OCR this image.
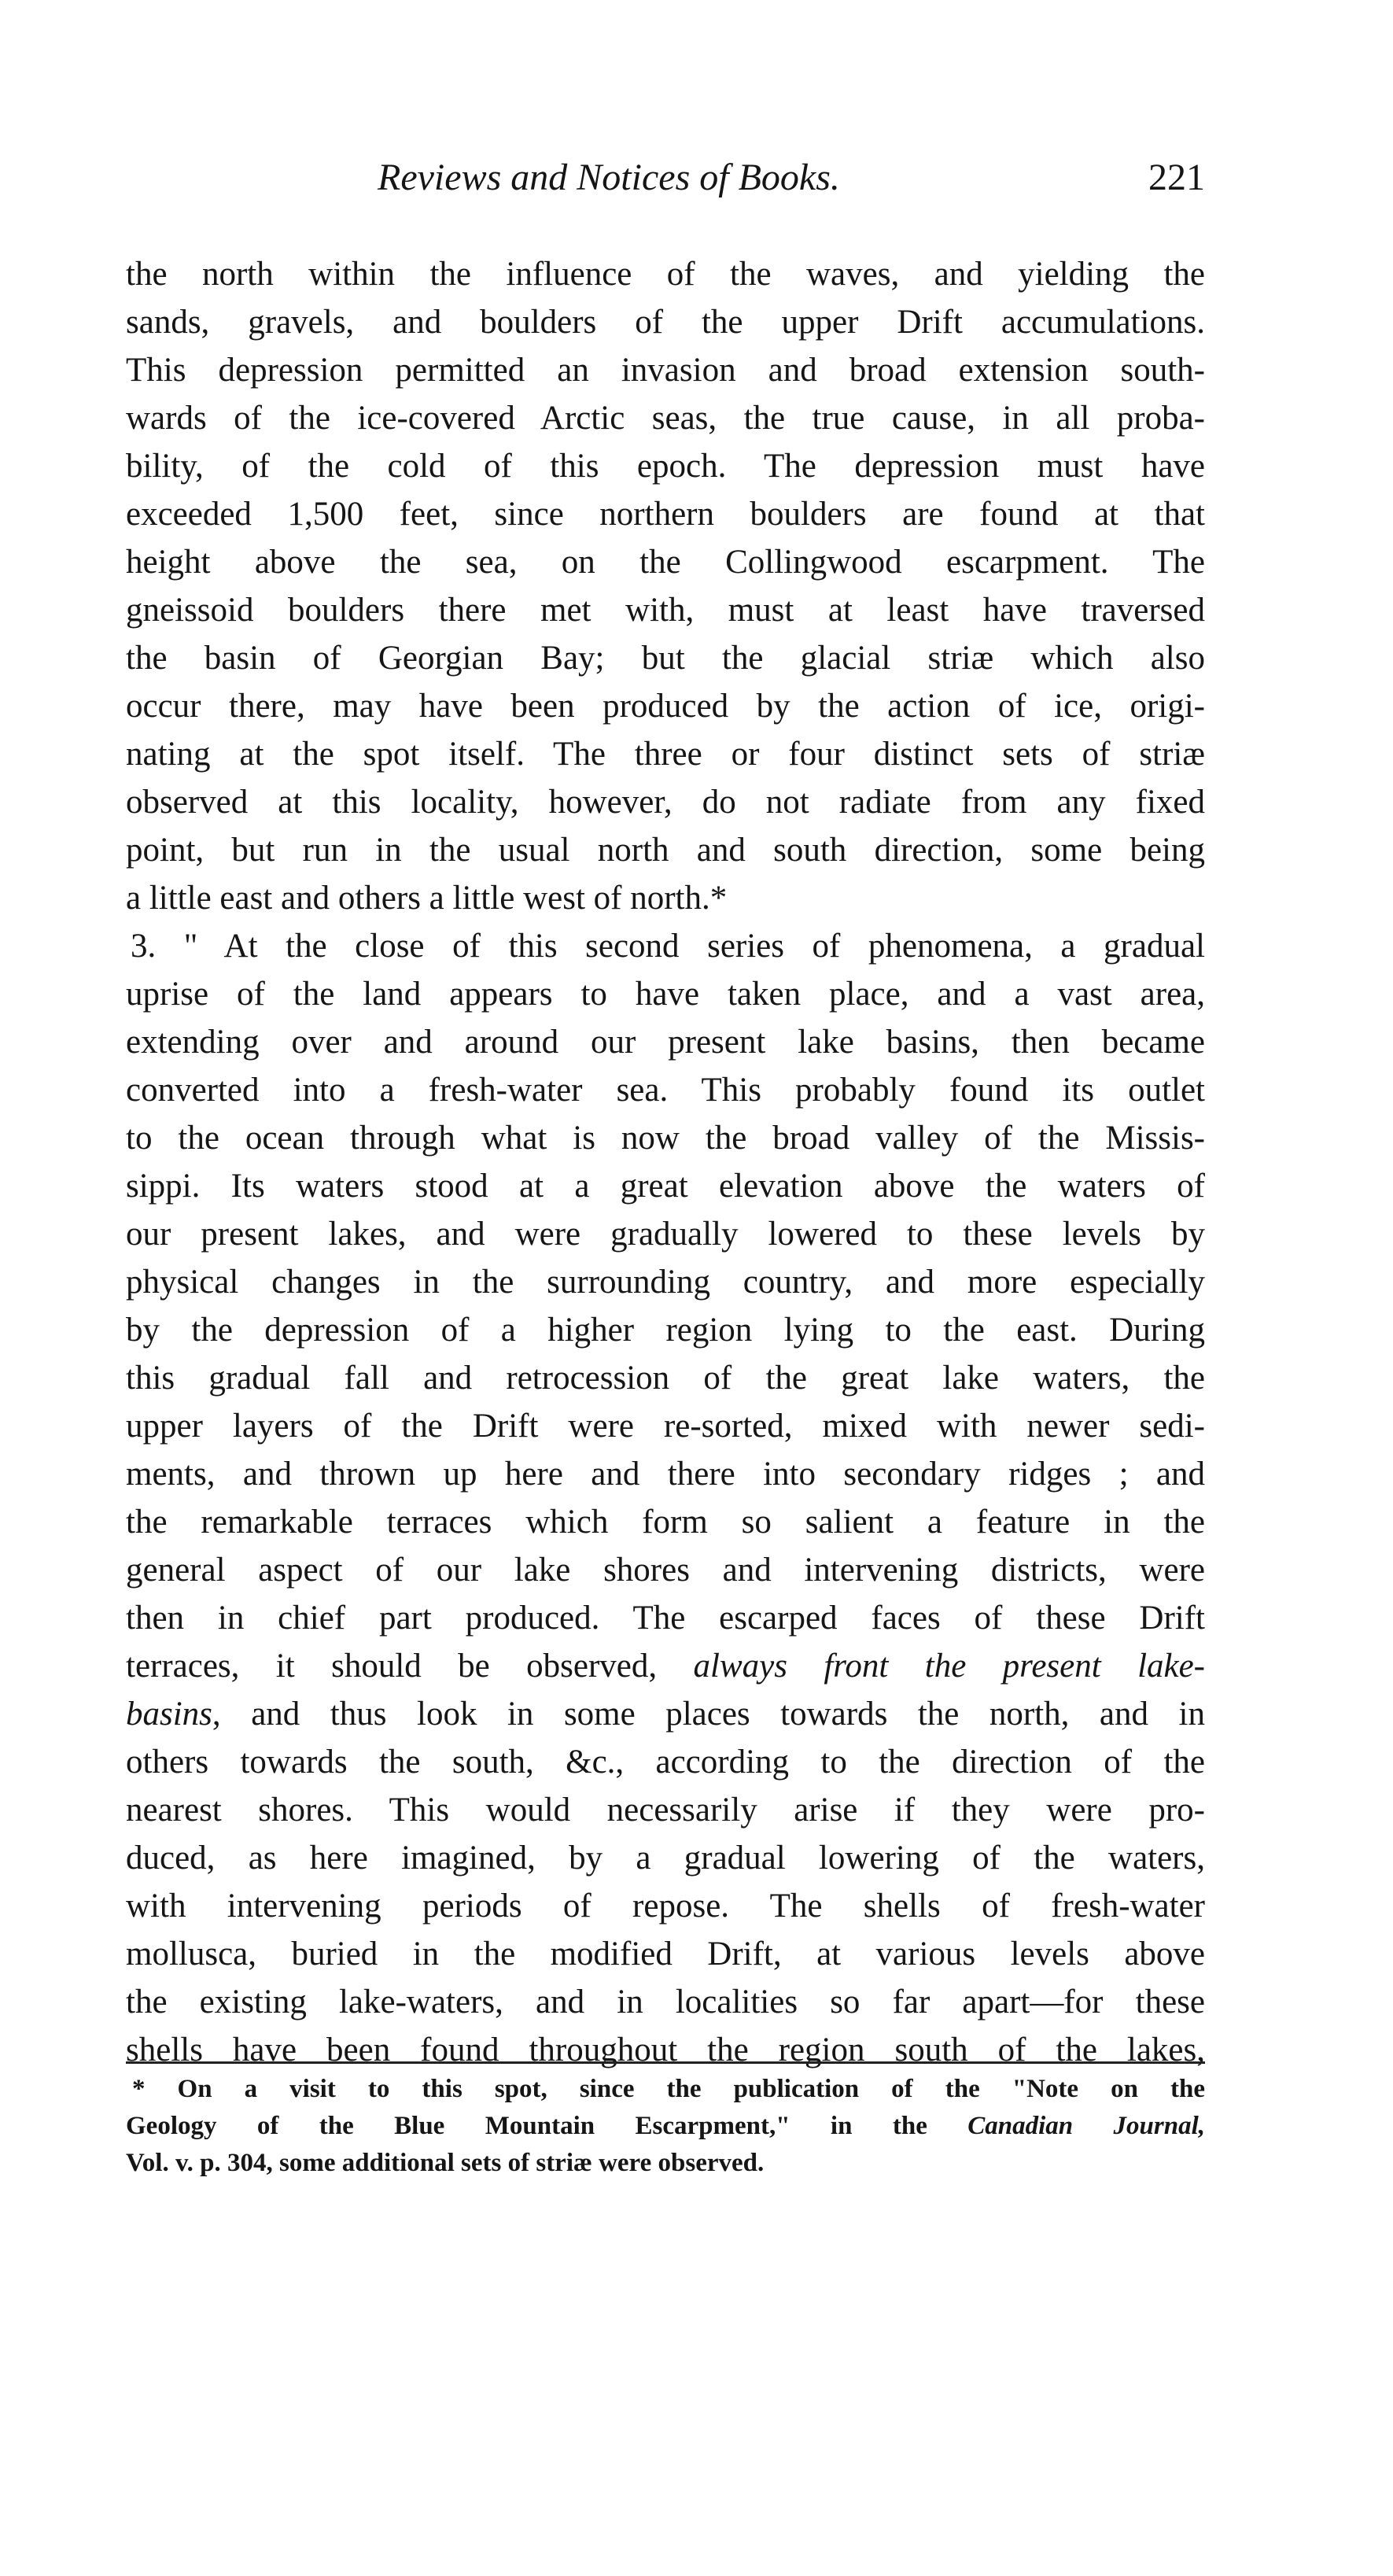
Reviews and Notices of Books.	221
the north within the influence of the waves, and yielding the
sands, gravels, and boulders of the upper Drift accumulations.
This depression permitted an invasion and broad extension south-
wards of the ice-covered Arctic seas, the true cause, in all proba-
bility, of the cold of this epoch. The depression must have
exceeded 1,500 feet, since northern boulders are found at that
height above the sea, on the Collingwood escarpment. The
gneissoid boulders there met with, must at least have traversed
the basin of Georgian Bay; but the glacial striæ which also
occur there, may have been produced by the action of ice, origi-
nating at the spot itself. The three or four distinct sets of striæ
observed at this locality, however, do not radiate from any fixed
point, but run in the usual north and south direction, some being
a little east and others a little west of north.*
3. " At the close of this second series of phenomena, a gradual
uprise of the land appears to have taken place, and a vast area,
extending over and around our present lake basins, then became
converted into a fresh-water sea. This probably found its outlet
to the ocean through what is now the broad valley of the Missis-
sippi. Its waters stood at a great elevation above the waters of
our present lakes, and were gradually lowered to these levels by
physical changes in the surrounding country, and more especially
by the depression of a higher region lying to the east. During
this gradual fall and retrocession of the great lake waters, the
upper layers of the Drift were re-sorted, mixed with newer sedi-
ments, and thrown up here and there into secondary ridges ; and
the remarkable terraces which form so salient a feature in the
general aspect of our lake shores and intervening districts, were
then in chief part produced. The escarped faces of these Drift
terraces, it should be observed, always front the present lake-
basins, and thus look in some places towards the north, and in
others towards the south, &c., according to the direction of the
nearest shores. This would necessarily arise if they were pro-
duced, as here imagined, by a gradual lowering of the waters,
with intervening periods of repose. The shells of fresh-water
mollusca, buried in the modified Drift, at various levels above
the existing lake-waters, and in localities so far apart—for these
shells have been found throughout the region south of the lakes,
* On a visit to this spot, since the publication of the "Note on the
Geology of the Blue Mountain Escarpment," in the Canadian Journal,
Vol. v. p. 304, some additional sets of striæ were observed.
